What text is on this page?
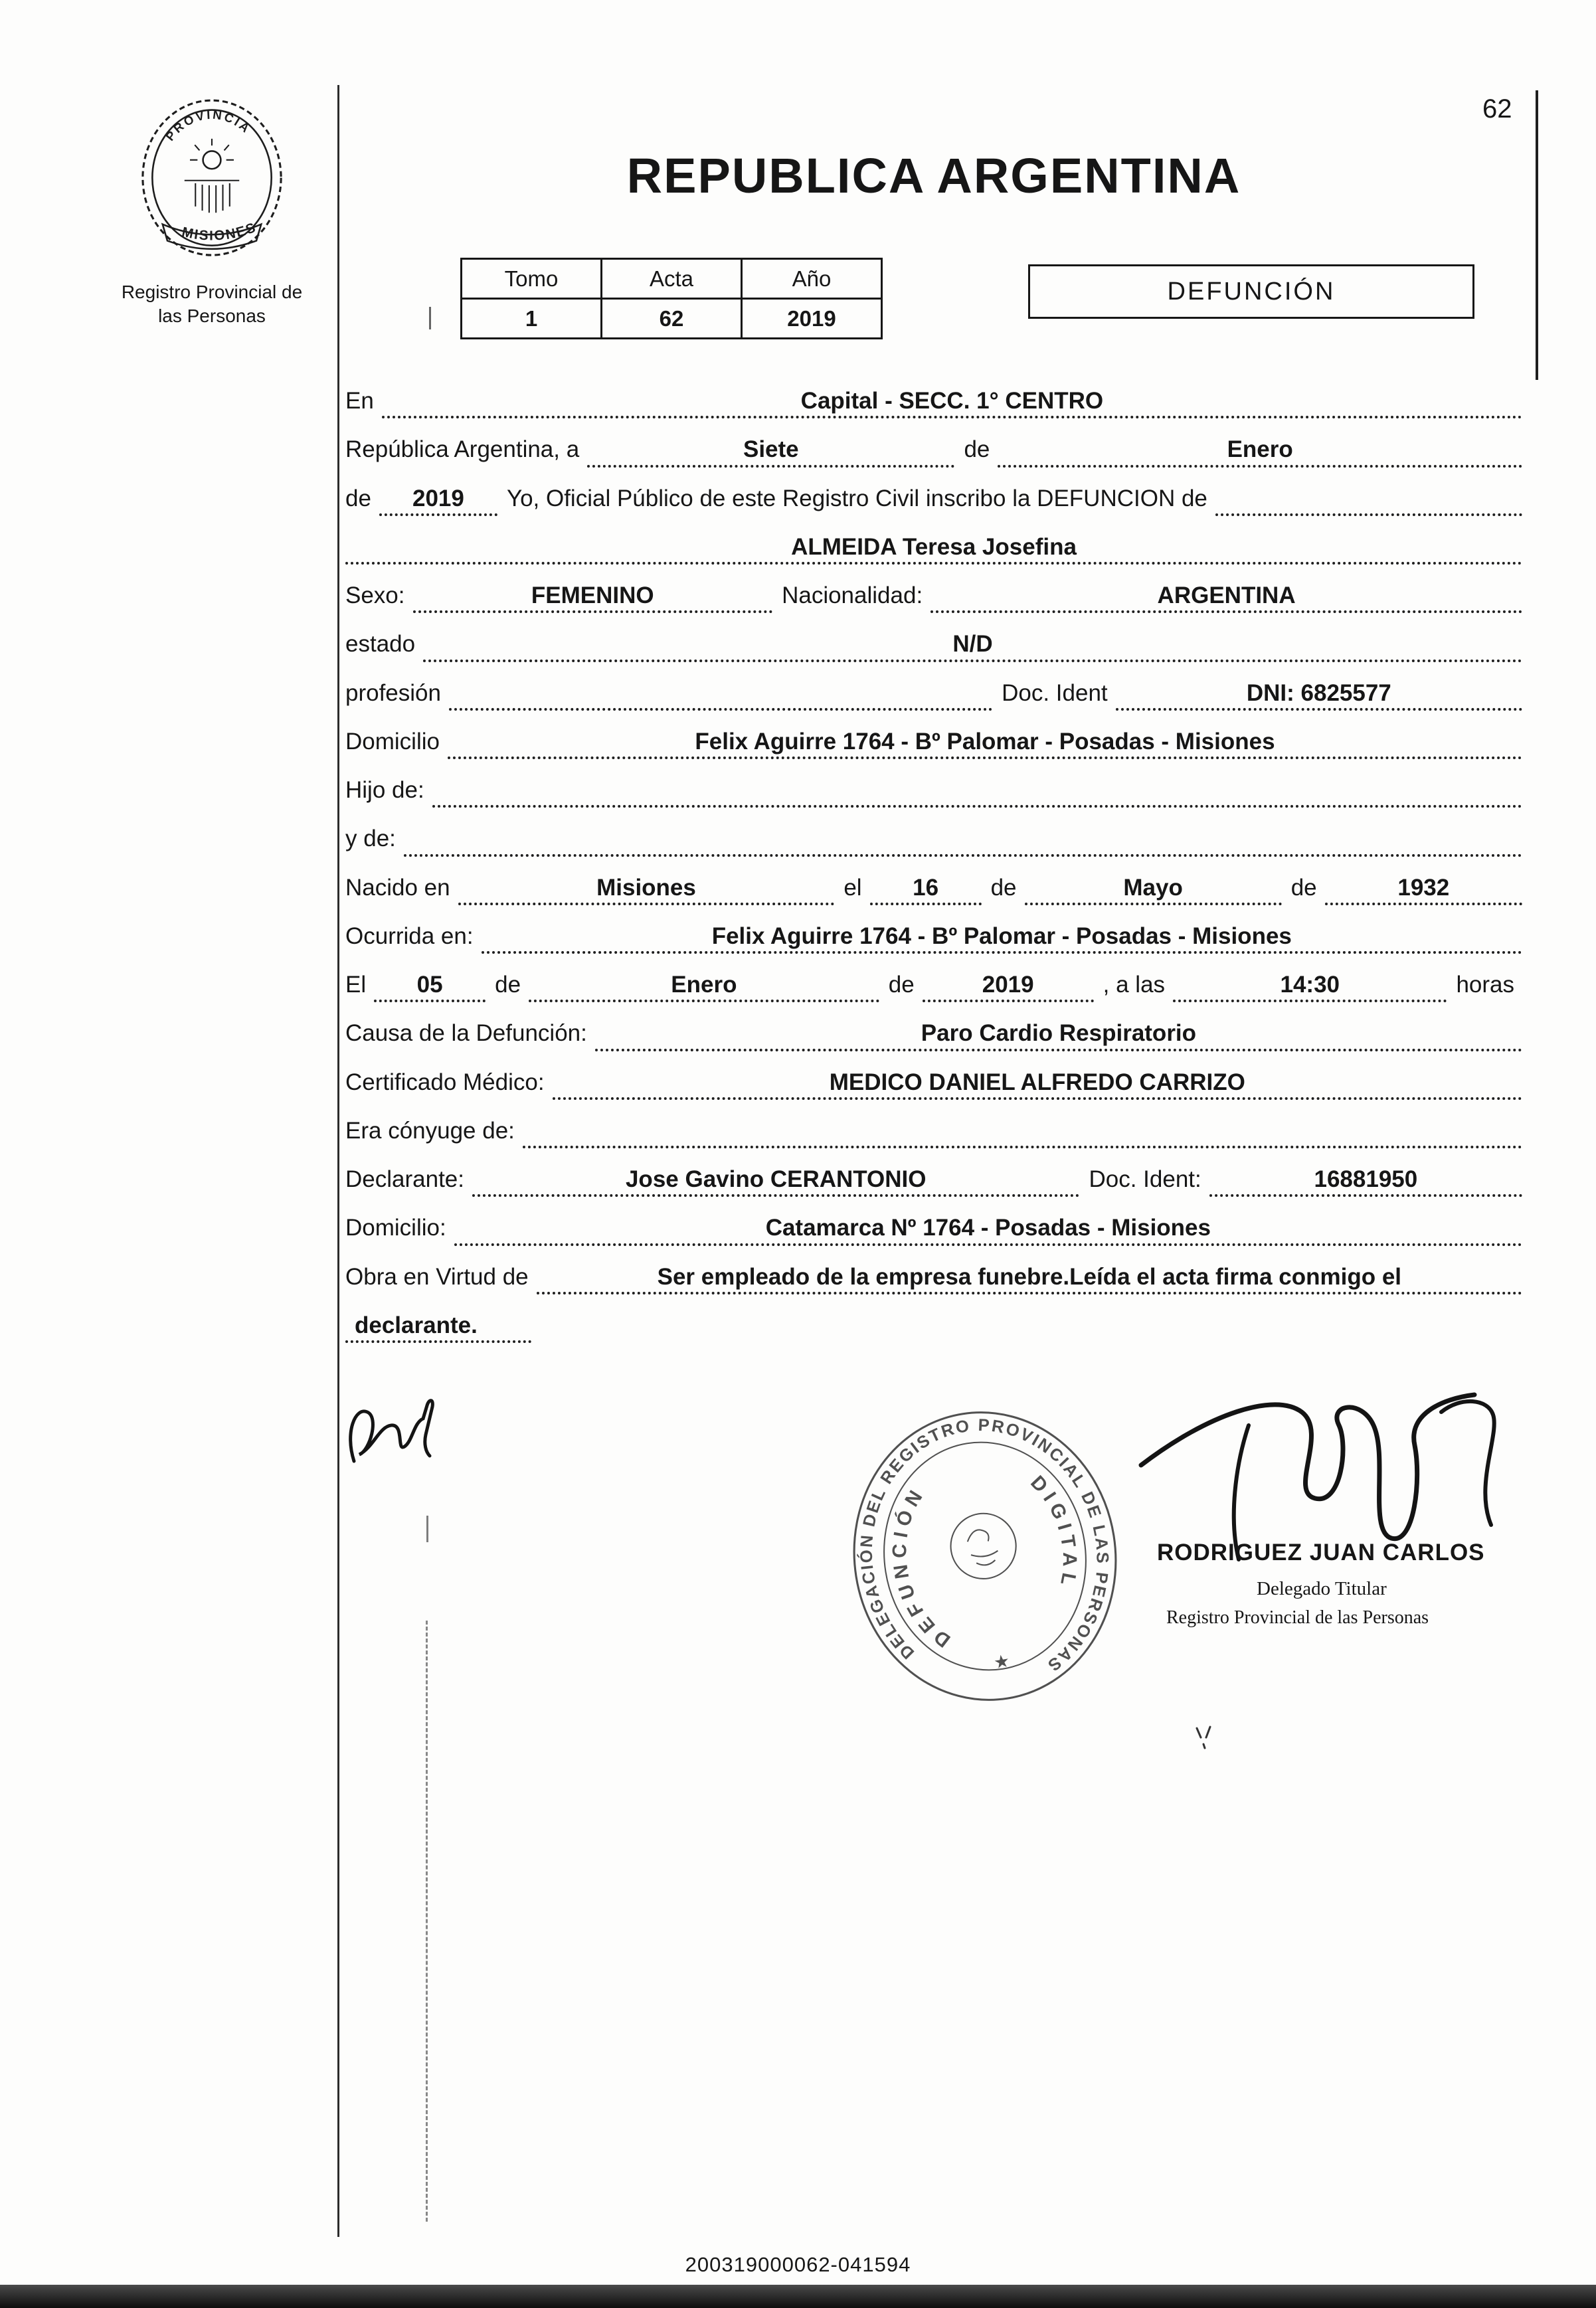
62
PROVINCIA
MISIONES
Registro Provincial de
las Personas
REPUBLICA ARGENTINA
Tomo	Acta	Año
1	62	2019
DEFUNCIÓN
En	Capital - SECC. 1° CENTRO
República Argentina, a	Siete	de	Enero
de	2019	Yo, Oficial Público de este Registro Civil inscribo la DEFUNCION de
ALMEIDA Teresa Josefina
Sexo:	FEMENINO	Nacionalidad:	ARGENTINA
estado	N/D
profesión	Doc. Ident	DNI: 6825577
Domicilio	Felix Aguirre 1764 - Bº Palomar - Posadas - Misiones
Hijo de:
y de:
Nacido en	Misiones	el	16	de	Mayo	de	1932
Ocurrida en:	Felix Aguirre 1764 - Bº Palomar - Posadas - Misiones
El	05	de	Enero	de	2019	, a las	14:30	horas
Causa de la Defunción:	Paro Cardio Respiratorio
Certificado Médico:	MEDICO DANIEL ALFREDO CARRIZO
Era cónyuge de:
Declarante:	Jose Gavino CERANTONIO	Doc. Ident:	16881950
Domicilio:	Catamarca Nº 1764 - Posadas - Misiones
Obra en Virtud de	Ser empleado de la empresa funebre.Leída el acta firma conmigo el
declarante.
DELEGACIÓN DEL REGISTRO PROVINCIAL DE LAS PERSONAS
DEFUNCIÓN	DIGITAL
★
RODRIGUEZ JUAN CARLOS
Delegado Titular
Registro Provincial de las Personas
200319000062-041594
